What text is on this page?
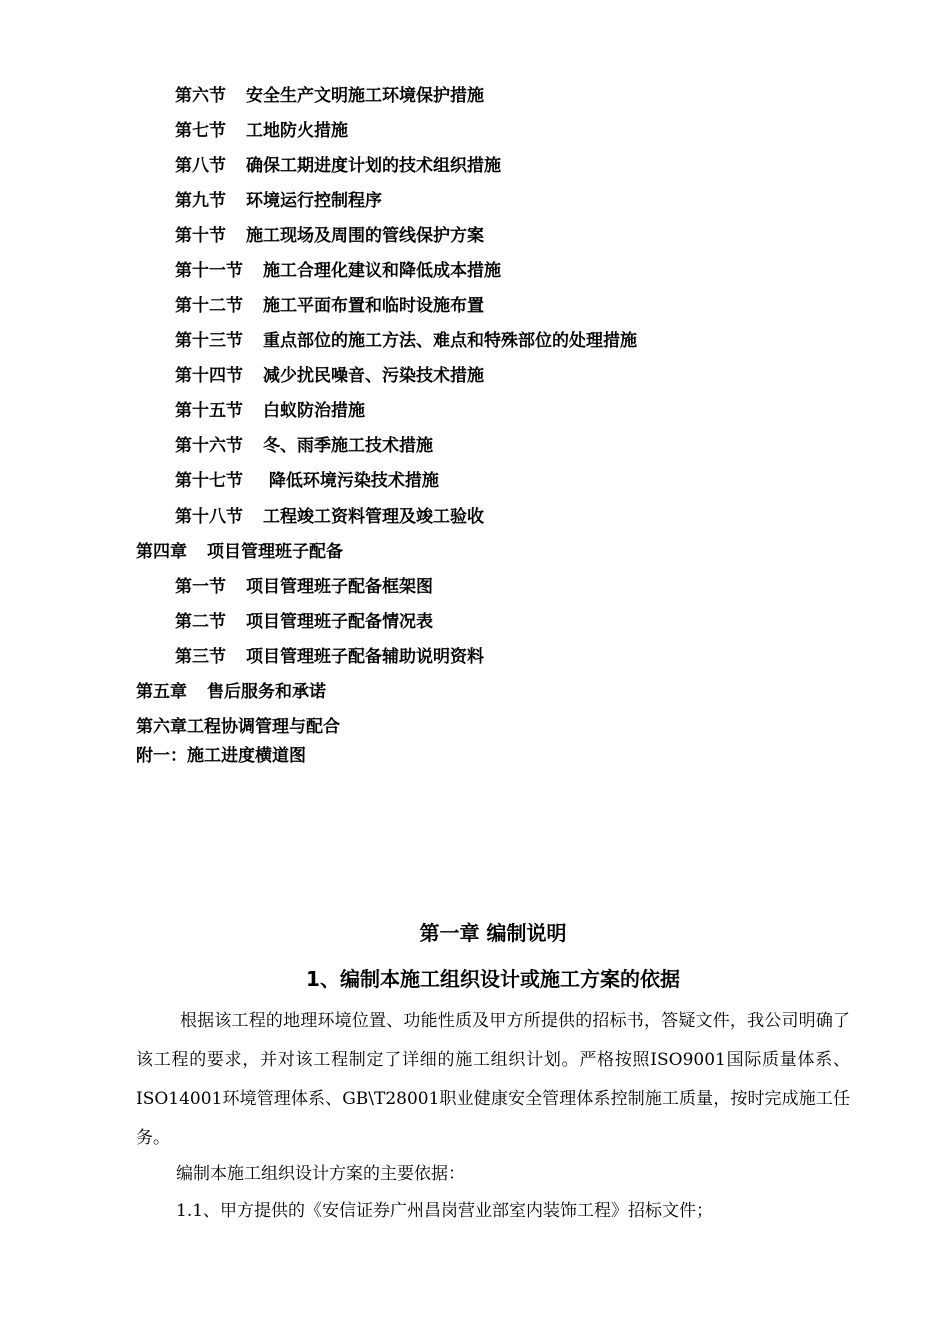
第六节 安全生产文明施工环境保护措施
第七节 工地防火措施
第八节 确保工期进度计划的技术组织措施
第九节 环境运行控制程序
第十节 施工现场及周围的管线保护方案
第十一节 施工合理化建议和降低成本措施
第十二节 施工平面布置和临时设施布置
第十三节 重点部位的施工方法、难点和特殊部位的处理措施
第十四节 减少扰民噪音、污染技术措施
第十五节 白蚁防治措施
第十六节 冬、雨季施工技术措施
第十七节 降低环境污染技术措施
第十八节 工程竣工资料管理及竣工验收
第四章 项目管理班子配备
第一节 项目管理班子配备框架图
第二节 项目管理班子配备情况表
第三节 项目管理班子配备辅助说明资料
第五章 售后服务和承诺
第六章工程协调管理与配合
附一：施工进度横道图
第一章 编制说明
1、编制本施工组织设计或施工方案的依据
根据该工程的地理环境位置、功能性质及甲方所提供的招标书，答疑文件，我公司明确了该工程的要求，并对该工程制定了详细的施工组织计划。严格按照ISO9001国际质量体系、ISO14001环境管理体系、GB\T28001职业健康安全管理体系控制施工质量，按时完成施工任务。
编制本施工组织设计方案的主要依据：
1.1、甲方提供的《安信证券广州昌岗营业部室内装饰工程》招标文件；
